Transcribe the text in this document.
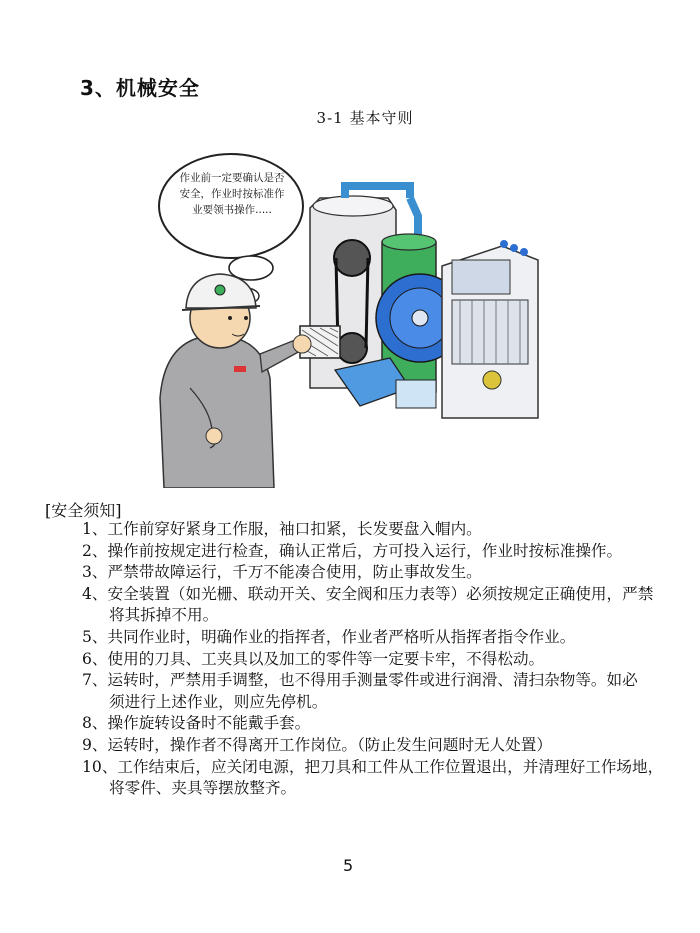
3、机械安全
3-1 基本守则
作业前一定要确认是否安全，作业时按标准作业要领书操作.....
[安全须知]

1、工作前穿好紧身工作服，袖口扣紧，长发要盘入帽内。

2、操作前按规定进行检查，确认正常后，方可投入运行，作业时按标准操作。

3、严禁带故障运行，千万不能凑合使用，防止事故发生。

4、安全装置（如光栅、联动开关、安全阀和压力表等）必须按规定正确使用，严禁

将其拆掉不用。

5、共同作业时，明确作业的指挥者，作业者严格听从指挥者指令作业。

6、使用的刀具、工夹具以及加工的零件等一定要卡牢，不得松动。

7、运转时，严禁用手调整，也不得用手测量零件或进行润滑、清扫杂物等。如必

须进行上述作业，则应先停机。

8、操作旋转设备时不能戴手套。

9、运转时，操作者不得离开工作岗位。（防止发生问题时无人处置）

10、工作结束后，应关闭电源，把刀具和工件从工作位置退出，并清理好工作场地，

将零件、夹具等摆放整齐。

5
